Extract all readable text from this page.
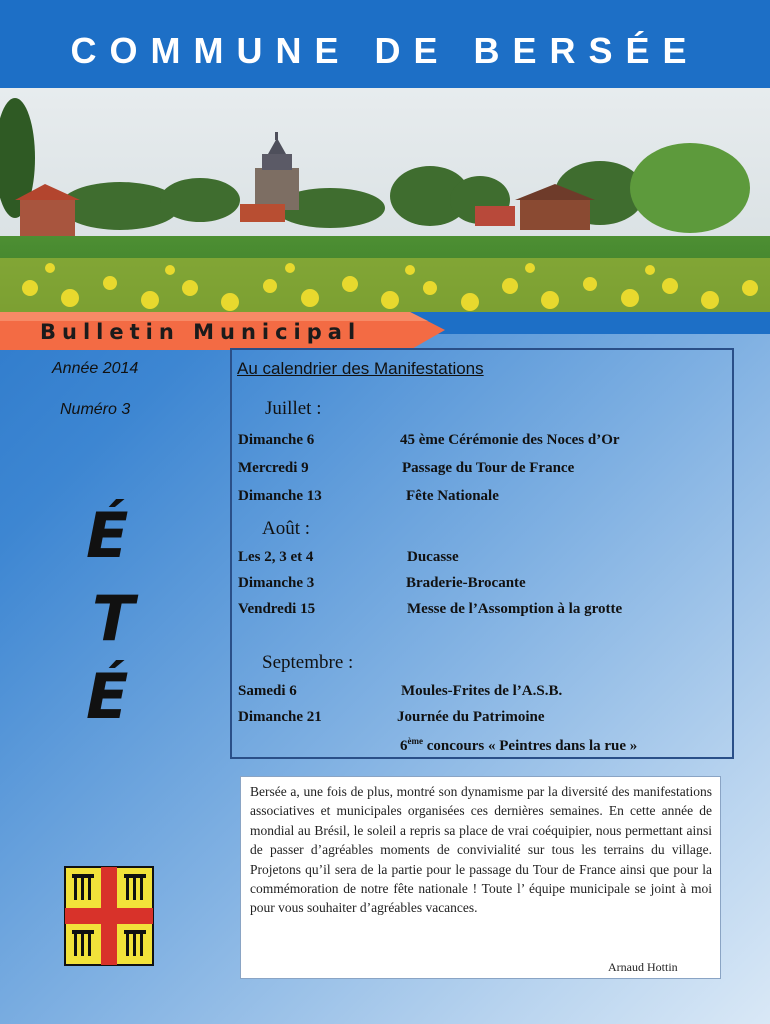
COMMUNE DE BERSÉE
Bulletin Municipal
Année 2014
Numéro 3
É
T
É
Au calendrier des Manifestations
Juillet :
Dimanche 6	45 ème Cérémonie des Noces d’Or
Mercredi 9	Passage du Tour de France
Dimanche 13	Fête Nationale
Août :
Les 2, 3 et 4	Ducasse
Dimanche 3	Braderie-Brocante
Vendredi 15	Messe de l’Assomption à la grotte
Septembre :
Samedi 6	Moules-Frites de l’A.S.B.
Dimanche 21	Journée du Patrimoine
6ème concours « Peintres dans la rue »
Bersée a, une fois de plus, montré son dynamisme par la diversité des manifestations associatives et municipales organisées ces dernières semaines. En cette année de mondial au Brésil, le soleil a repris sa place de vrai coéquipier, nous permettant ainsi de passer d’agréables moments de convivialité sur tous les terrains du village. Projetons qu’il sera de la partie pour le passage du Tour de France ainsi que pour la commémoration de notre fête nationale ! Toute l’ équipe municipale se joint à moi pour vous souhaiter d’agréables vacances.
Arnaud Hottin
